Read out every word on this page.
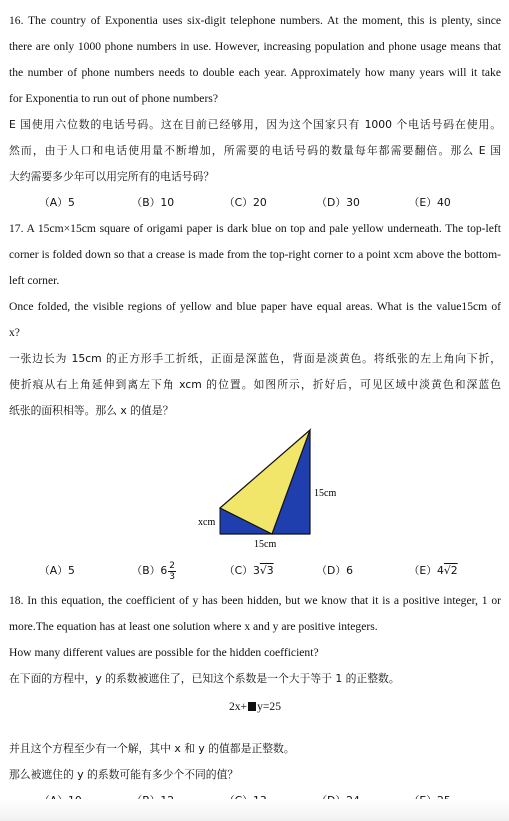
16. The country of Exponentia uses six-digit telephone numbers. At the moment, this is plenty, since
there are only 1000 phone numbers in use. However, increasing population and phone usage means that
the number of phone numbers needs to double each year. Approximately how many years will it take
for Exponentia to run out of phone numbers?
E 国使用六位数的电话号码。这在目前已经够用，因为这个国家只有 1000 个电话号码在使用。
然而，由于人口和电话使用量不断增加，所需要的电话号码的数量每年都需要翻倍。那么 E 国
大约需要多少年可以用完所有的电话号码？
（A）5	（B）10	（C）20	（D）30	（E）40
17. A 15cm×15cm square of origami paper is dark blue on top and pale yellow underneath. The top-left
corner is folded down so that a crease is made from the top-right corner to a point xcm above the bottom-
left corner.
Once folded, the visible regions of yellow and blue paper have equal areas. What is the value15cm of
x?
一张边长为 15cm 的正方形手工折纸，正面是深蓝色，背面是淡黄色。将纸张的左上角向下折，
使折痕从右上角延伸到离左下角 xcm 的位置。如图所示，折好后，可见区域中淡黄色和深蓝色
纸张的面积相等。那么 x 的值是？
15cm
xcm
15cm
（A）5	$(B)6 \frac{2}{3}$	（C）3√3	（D）6	（E）4√2
18. In this equation, the coefficient of y has been hidden, but we know that it is a positive integer, 1 or
more.The equation has at least one solution where x and y are positive integers.
How many different values are possible for the hidden coefficient?
在下面的方程中，y 的系数被遮住了，已知这个系数是一个大于等于 1 的正整数。
2x+ y=25
并且这个方程至少有一个解，其中 x 和 y 的值都是正整数。
那么被遮住的 y 的系数可能有多少个不同的值？
